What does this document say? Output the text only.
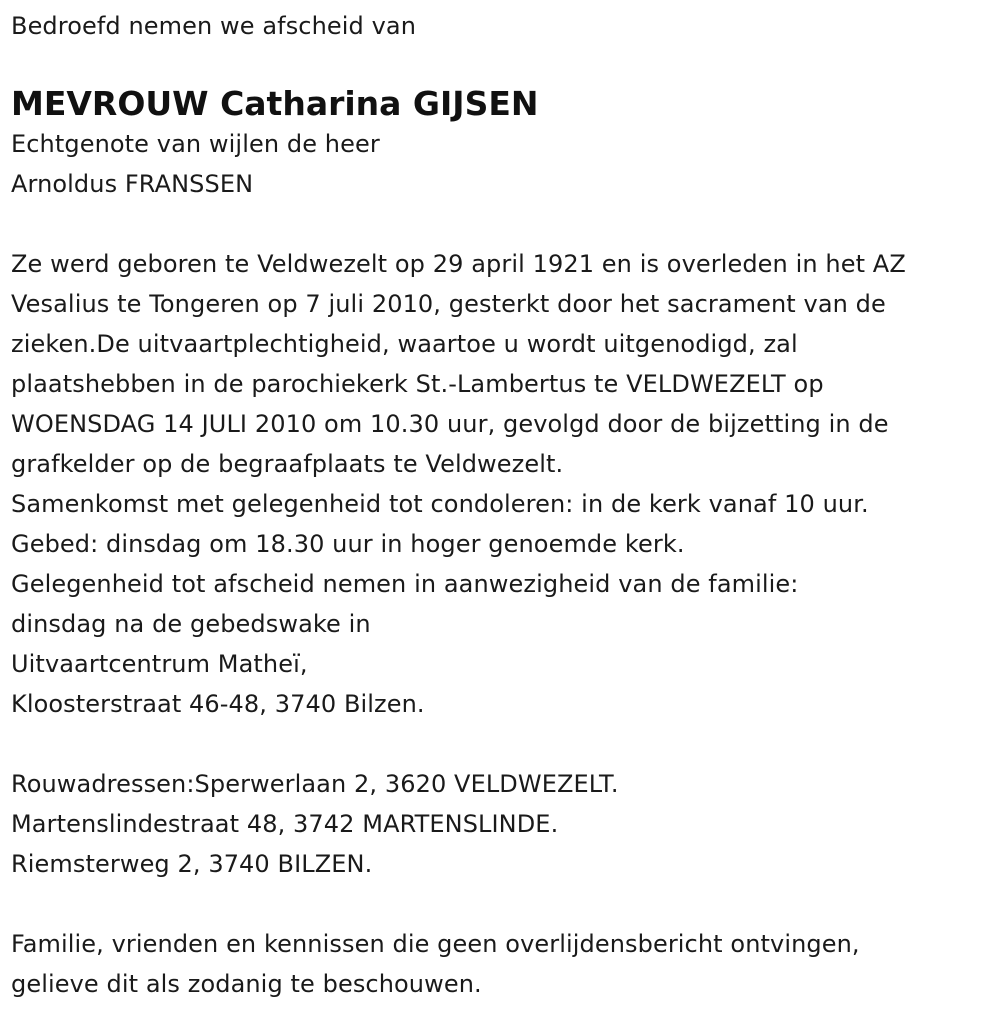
Bedroefd nemen we afscheid van
MEVROUW Catharina GIJSEN
Echtgenote van wijlen de heer
Arnoldus FRANSSEN
Ze werd geboren te Veldwezelt op 29 april 1921 en is overleden in het AZ
Vesalius te Tongeren op 7 juli 2010, gesterkt door het sacrament van de
zieken.De uitvaartplechtigheid, waartoe u wordt uitgenodigd, zal
plaatshebben in de parochiekerk St.-Lambertus te VELDWEZELT op
WOENSDAG 14 JULI 2010 om 10.30 uur, gevolgd door de bijzetting in de
grafkelder op de begraafplaats te Veldwezelt.
Samenkomst met gelegenheid tot condoleren: in de kerk vanaf 10 uur.
Gebed: dinsdag om 18.30 uur in hoger genoemde kerk.
Gelegenheid tot afscheid nemen in aanwezigheid van de familie:
dinsdag na de gebedswake in
Uitvaartcentrum Matheï,
Kloosterstraat 46-48, 3740 Bilzen.
Rouwadressen:Sperwerlaan 2, 3620 VELDWEZELT.
Martenslindestraat 48, 3742 MARTENSLINDE.
Riemsterweg 2, 3740 BILZEN.
Familie, vrienden en kennissen die geen overlijdensbericht ontvingen,
gelieve dit als zodanig te beschouwen.
